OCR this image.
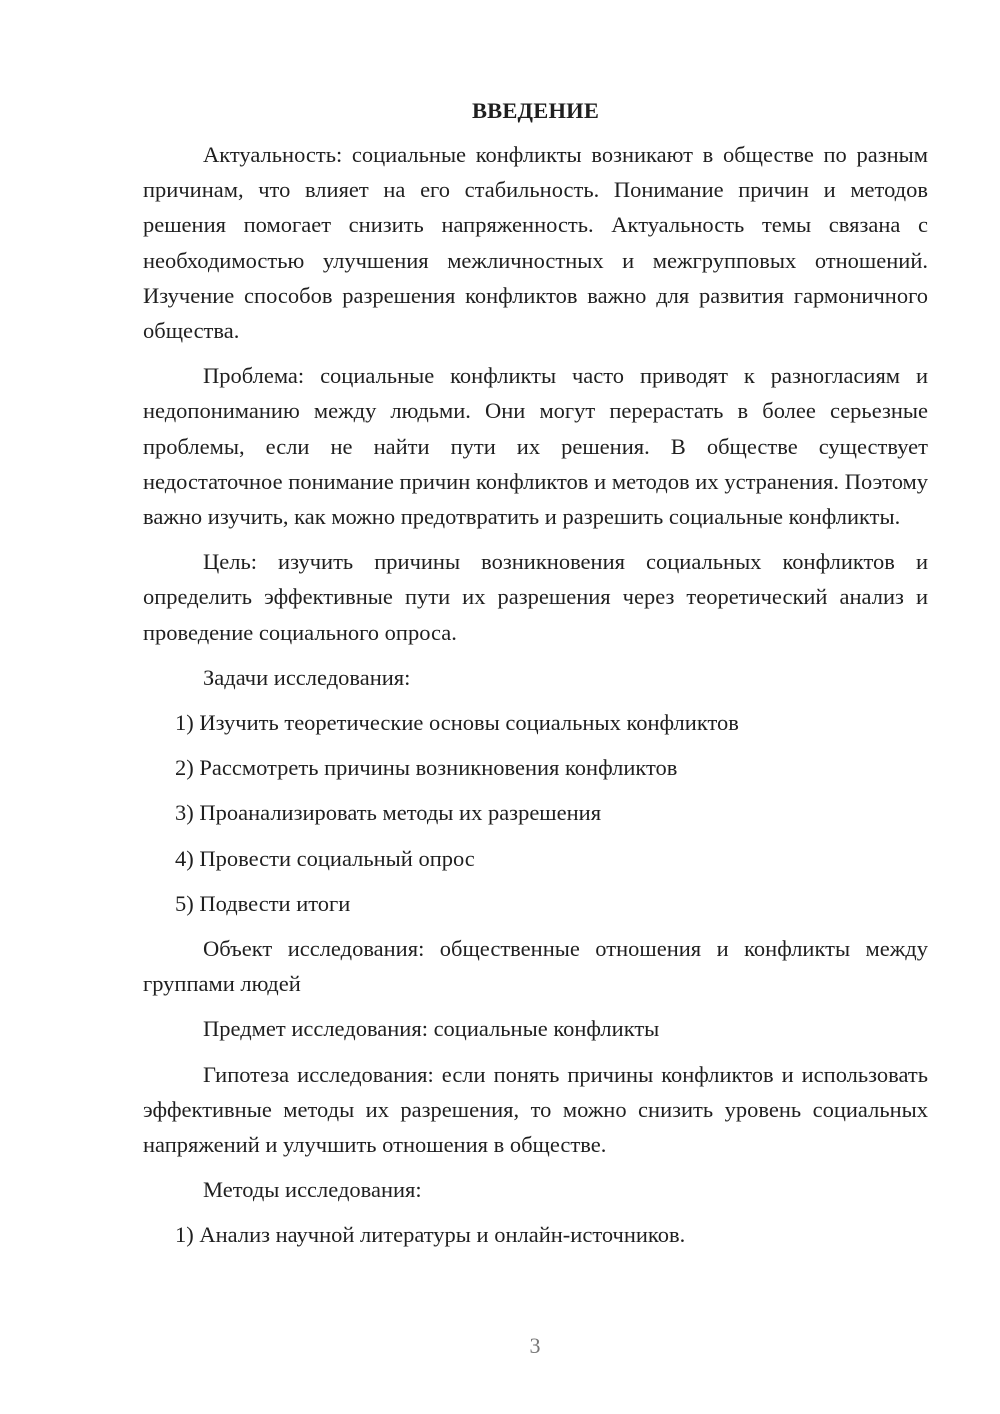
ВВЕДЕНИЕ

Актуальность: социальные конфликты возникают в обществе по разным причинам, что влияет на его стабильность. Понимание причин и методов решения помогает снизить напряженность. Актуальность темы связана с необходимостью улучшения межличностных и межгрупповых отношений. Изучение способов разрешения конфликтов важно для развития гармоничного общества.

Проблема: социальные конфликты часто приводят к разногласиям и недопониманию между людьми. Они могут перерастать в более серьезные проблемы, если не найти пути их решения. В обществе существует недостаточное понимание причин конфликтов и методов их устранения. Поэтому важно изучить, как можно предотвратить и разрешить социальные конфликты.

Цель: изучить причины возникновения социальных конфликтов и определить эффективные пути их разрешения через теоретический анализ и проведение социального опроса.

Задачи исследования:
1) Изучить теоретические основы социальных конфликтов
2) Рассмотреть причины возникновения конфликтов
3) Проанализировать методы их разрешения
4) Провести социальный опрос
5) Подвести итоги

Объект исследования: общественные отношения и конфликты между группами людей

Предмет исследования: социальные конфликты

Гипотеза исследования: если понять причины конфликтов и использовать эффективные методы их разрешения, то можно снизить уровень социальных напряжений и улучшить отношения в обществе.

Методы исследования:
1) Анализ научной литературы и онлайн-источников.
3
